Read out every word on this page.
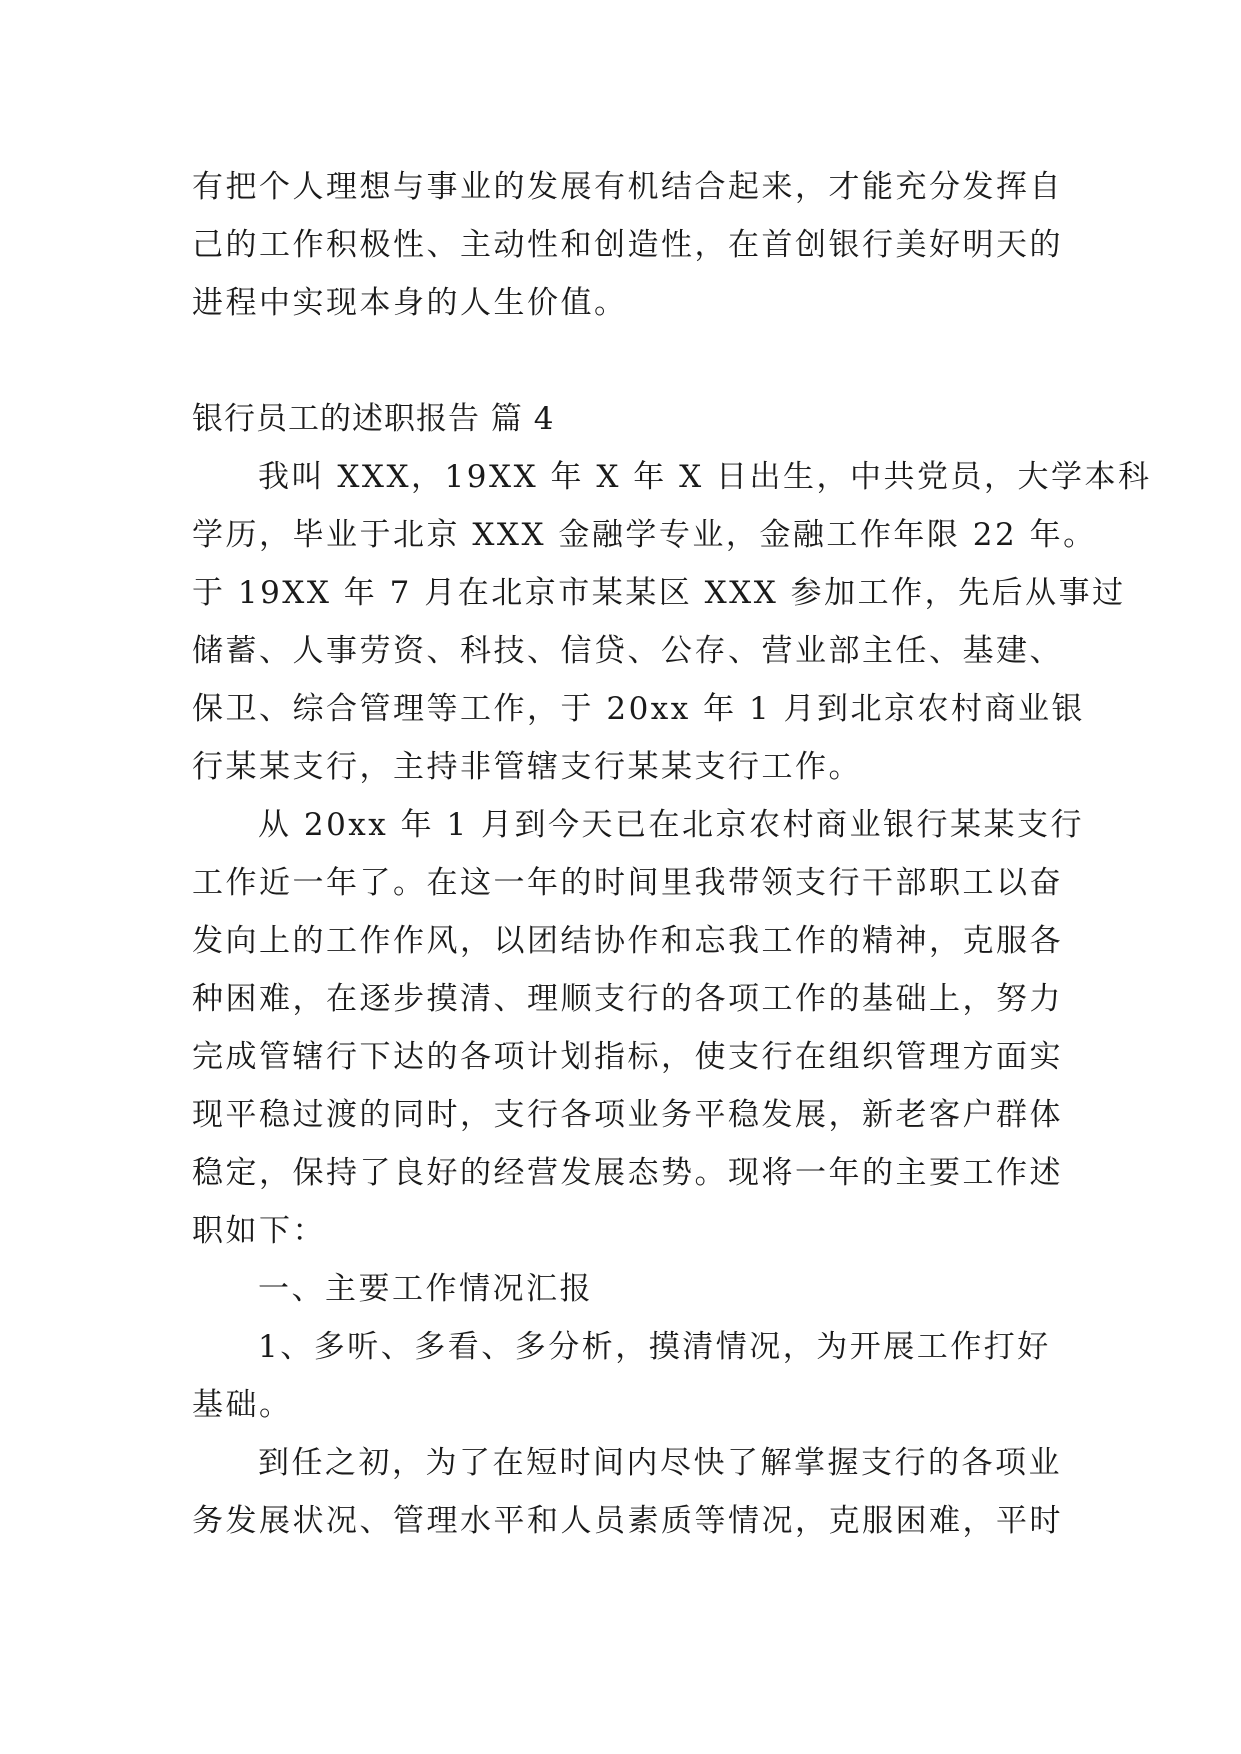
有把个人理想与事业的发展有机结合起来，才能充分发挥自
己的工作积极性、主动性和创造性，在首创银行美好明天的
进程中实现本身的人生价值。
银行员工的述职报告 篇 4
我叫 XXX，19XX 年 X 年 X 日出生，中共党员，大学本科
学历，毕业于北京 XXX 金融学专业，金融工作年限 22 年。
于 19XX 年 7 月在北京市某某区 XXX 参加工作，先后从事过
储蓄、人事劳资、科技、信贷、公存、营业部主任、基建、
保卫、综合管理等工作，于 20xx 年 1 月到北京农村商业银
行某某支行，主持非管辖支行某某支行工作。
从 20xx 年 1 月到今天已在北京农村商业银行某某支行
工作近一年了。在这一年的时间里我带领支行干部职工以奋
发向上的工作作风，以团结协作和忘我工作的精神，克服各
种困难，在逐步摸清、理顺支行的各项工作的基础上，努力
完成管辖行下达的各项计划指标，使支行在组织管理方面实
现平稳过渡的同时，支行各项业务平稳发展，新老客户群体
稳定，保持了良好的经营发展态势。现将一年的主要工作述
职如下：
一、主要工作情况汇报
1、多听、多看、多分析，摸清情况，为开展工作打好
基础。
到任之初，为了在短时间内尽快了解掌握支行的各项业
务发展状况、管理水平和人员素质等情况，克服困难，平时
